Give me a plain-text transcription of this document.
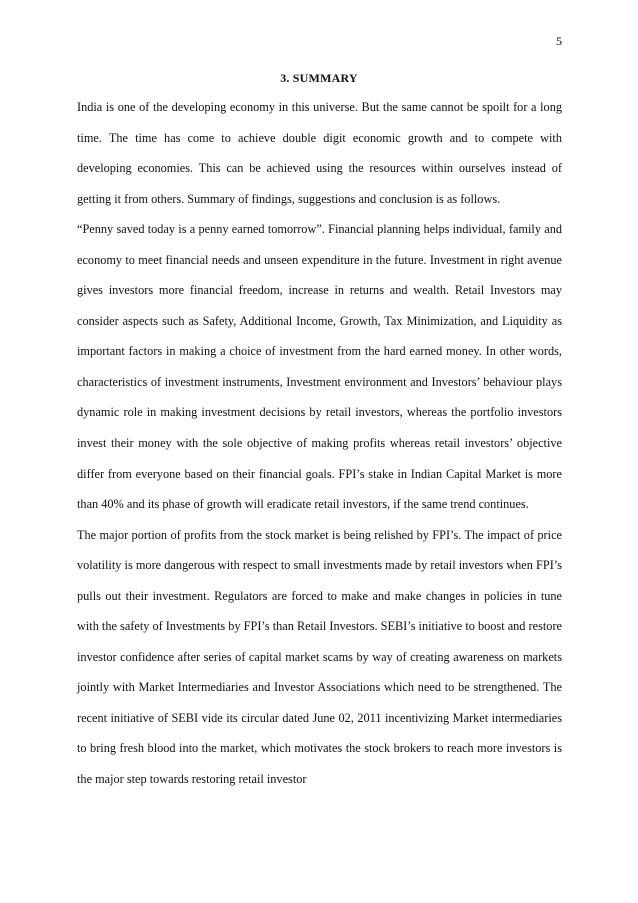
5
3. SUMMARY

India is one of the developing economy in this universe. But the same cannot be spoilt for a long time. The time has come to achieve double digit economic growth and to compete with developing economies. This can be achieved using the resources within ourselves instead of getting it from others. Summary of findings, suggestions and conclusion is as follows.

“Penny saved today is a penny earned tomorrow”. Financial planning helps individual, family and economy to meet financial needs and unseen expenditure in the future. Investment in right avenue gives investors more financial freedom, increase in returns and wealth. Retail Investors may consider aspects such as Safety, Additional Income, Growth, Tax Minimization, and Liquidity as important factors in making a choice of investment from the hard earned money. In other words, characteristics of investment instruments, Investment environment and Investors’ behaviour plays dynamic role in making investment decisions by retail investors, whereas the portfolio investors invest their money with the sole objective of making profits whereas retail investors’ objective differ from everyone based on their financial goals. FPI’s stake in Indian Capital Market is more than 40% and its phase of growth will eradicate retail investors, if the same trend continues.

The major portion of profits from the stock market is being relished by FPI’s. The impact of price volatility is more dangerous with respect to small investments made by retail investors when FPI’s pulls out their investment. Regulators are forced to make and make changes in policies in tune with the safety of Investments by FPI’s than Retail Investors. SEBI’s initiative to boost and restore investor confidence after series of capital market scams by way of creating awareness on markets jointly with Market Intermediaries and Investor Associations which need to be strengthened. The recent initiative of SEBI vide its circular dated June 02, 2011 incentivizing Market intermediaries to bring fresh blood into the market, which motivates the stock brokers to reach more investors is the major step towards restoring retail investor
